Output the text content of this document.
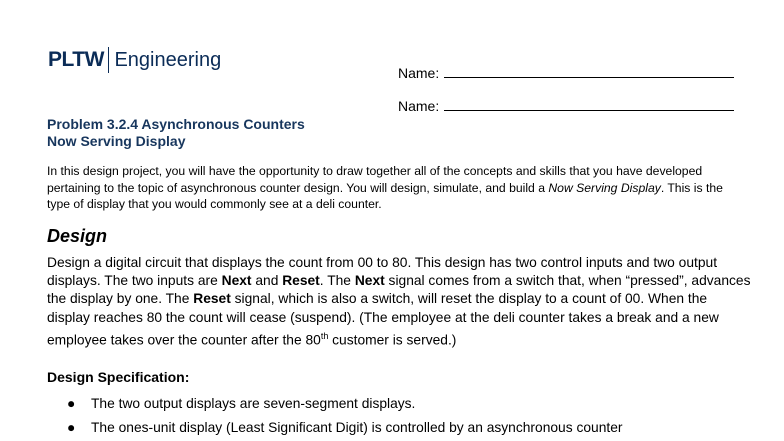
PLTW Engineering
Name:
Name:
Problem 3.2.4 Asynchronous Counters
Now Serving Display
In this design project, you will have the opportunity to draw together all of the concepts and skills that you have developed pertaining to the topic of asynchronous counter design. You will design, simulate, and build a Now Serving Display. This is the type of display that you would commonly see at a deli counter.
Design
Design a digital circuit that displays the count from 00 to 80. This design has two control inputs and two output displays. The two inputs are Next and Reset. The Next signal comes from a switch that, when “pressed”, advances the display by one. The Reset signal, which is also a switch, will reset the display to a count of 00. When the display reaches 80 the count will cease (suspend). (The employee at the deli counter takes a break and a new employee takes over the counter after the 80th customer is served.)
Design Specification:
● The two output displays are seven-segment displays.
● The ones-unit display (Least Significant Digit) is controlled by an asynchronous counter
